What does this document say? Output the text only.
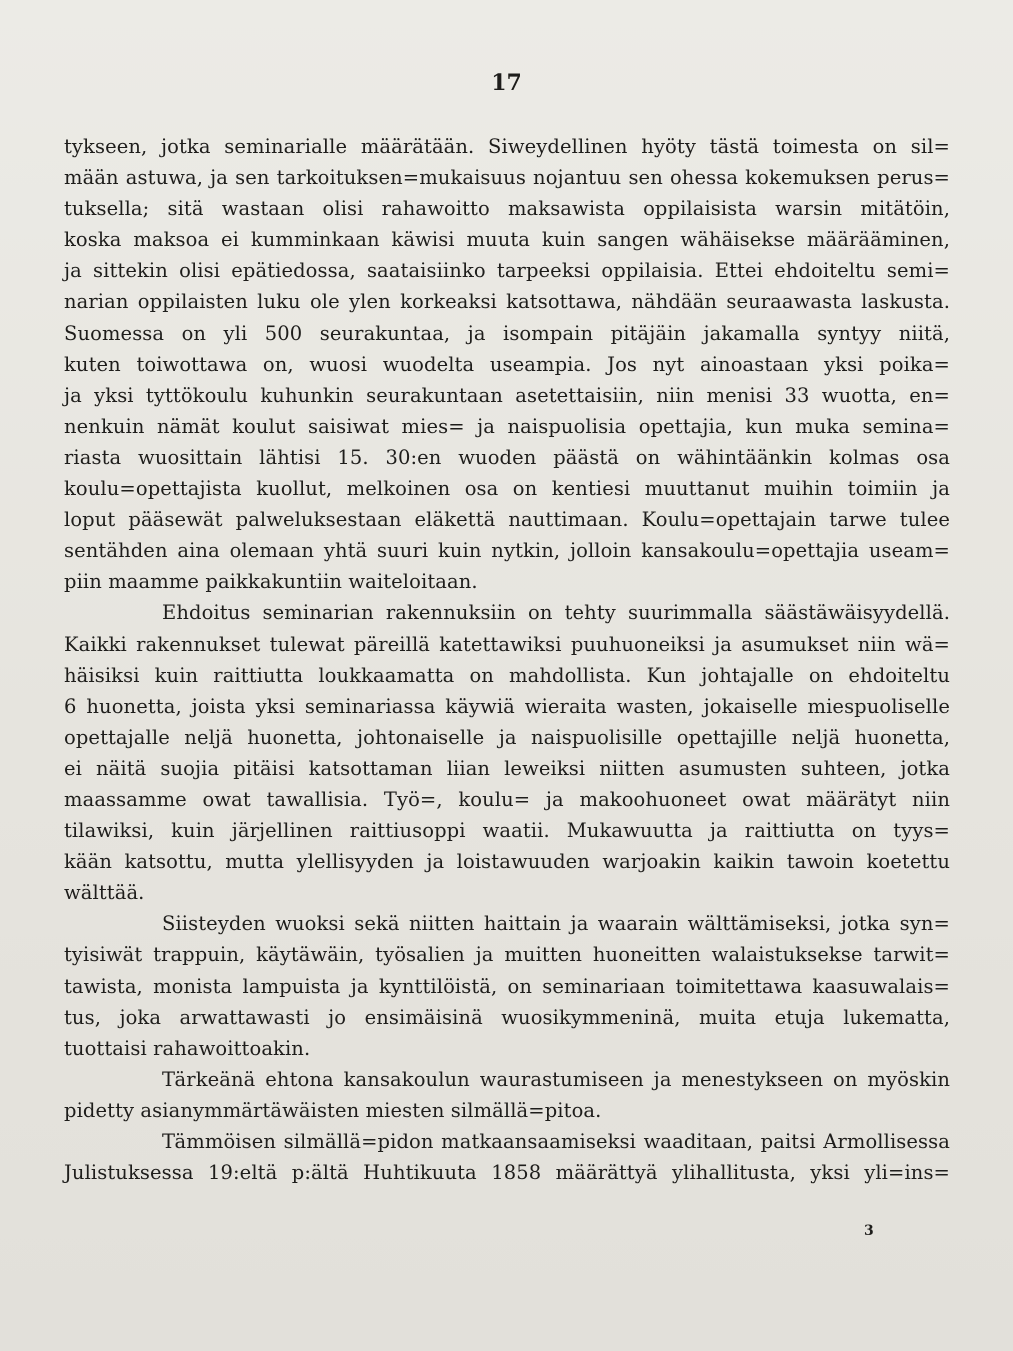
17
tykseen, jotka seminarialle määrätään. Siweydellinen hyöty tästä toimesta on sil=
mään astuwa, ja sen tarkoituksen=mukaisuus nojantuu sen ohessa kokemuksen perus=
tuksella; sitä wastaan olisi rahawoitto maksawista oppilaisista warsin mitätöin,
koska maksoa ei kumminkaan käwisi muuta kuin sangen wähäisekse määrääminen,
ja sittekin olisi epätiedossa, saataisiinko tarpeeksi oppilaisia. Ettei ehdoiteltu semi=
narian oppilaisten luku ole ylen korkeaksi katsottawa, nähdään seuraawasta laskusta.
Suomessa on yli 500 seurakuntaa, ja isompain pitäjäin jakamalla syntyy niitä,
kuten toiwottawa on, wuosi wuodelta useampia. Jos nyt ainoastaan yksi poika=
ja yksi tyttökoulu kuhunkin seurakuntaan asetettaisiin, niin menisi 33 wuotta, en=
nenkuin nämät koulut saisiwat mies= ja naispuolisia opettajia, kun muka semina=
riasta wuosittain lähtisi 15. 30:en wuoden päästä on wähintäänkin kolmas osa
koulu=opettajista kuollut, melkoinen osa on kentiesi muuttanut muihin toimiin ja
loput pääsewät palweluksestaan eläkettä nauttimaan. Koulu=opettajain tarwe tulee
sentähden aina olemaan yhtä suuri kuin nytkin, jolloin kansakoulu=opettajia useam=
piin maamme paikkakuntiin waiteloitaan.
Ehdoitus seminarian rakennuksiin on tehty suurimmalla säästäwäisyydellä.
Kaikki rakennukset tulewat päreillä katettawiksi puuhuoneiksi ja asumukset niin wä=
häisiksi kuin raittiutta loukkaamatta on mahdollista. Kun johtajalle on ehdoiteltu
6 huonetta, joista yksi seminariassa käywiä wieraita wasten, jokaiselle miespuoliselle
opettajalle neljä huonetta, johtonaiselle ja naispuolisille opettajille neljä huonetta,
ei näitä suojia pitäisi katsottaman liian leweiksi niitten asumusten suhteen, jotka
maassamme owat tawallisia. Työ=, koulu= ja makoohuoneet owat määrätyt niin
tilawiksi, kuin järjellinen raittiusoppi waatii. Mukawuutta ja raittiutta on tyys=
kään katsottu, mutta ylellisyyden ja loistawuuden warjoakin kaikin tawoin koetettu
wälttää.
Siisteyden wuoksi sekä niitten haittain ja waarain wälttämiseksi, jotka syn=
tyisiwät trappuin, käytäwäin, työsalien ja muitten huoneitten walaistuksekse tarwit=
tawista, monista lampuista ja kynttilöistä, on seminariaan toimitettawa kaasuwalais=
tus, joka arwattawasti jo ensimäisinä wuosikymmeninä, muita etuja lukematta,
tuottaisi rahawoittoakin.
Tärkeänä ehtona kansakoulun waurastumiseen ja menestykseen on myöskin
pidetty asianymmärtäwäisten miesten silmällä=pitoa.
Tämmöisen silmällä=pidon matkaansaamiseksi waaditaan, paitsi Armollisessa
Julistuksessa 19:eltä p:ältä Huhtikuuta 1858 määrättyä ylihallitusta, yksi yli=ins=
3
